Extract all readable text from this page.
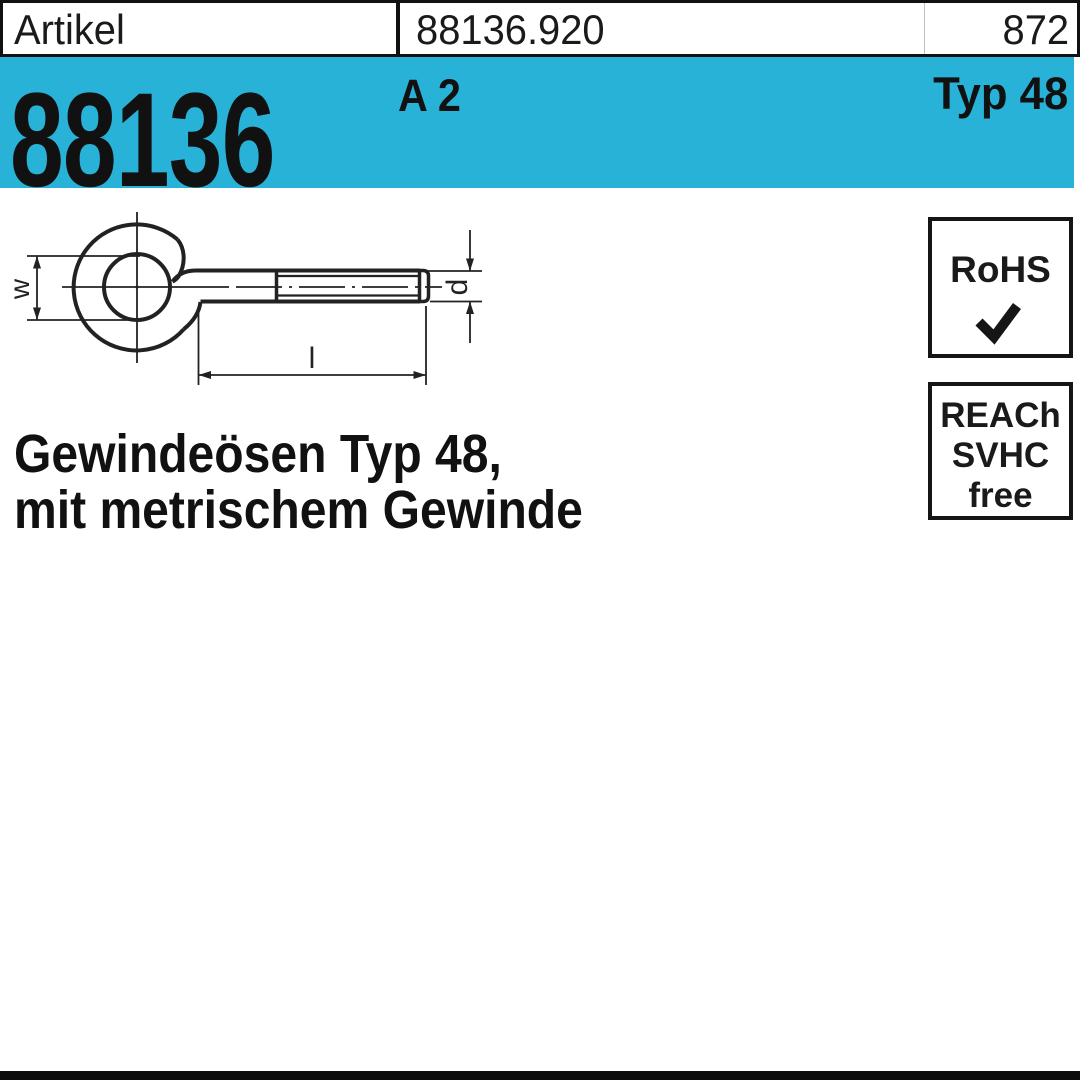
Artikel	88136.920	872
88136	A 2	Typ 48
w	d
l
RoHS
REACh
SVHC
free
Gewindeösen Typ 48,
mit metrischem Gewinde
